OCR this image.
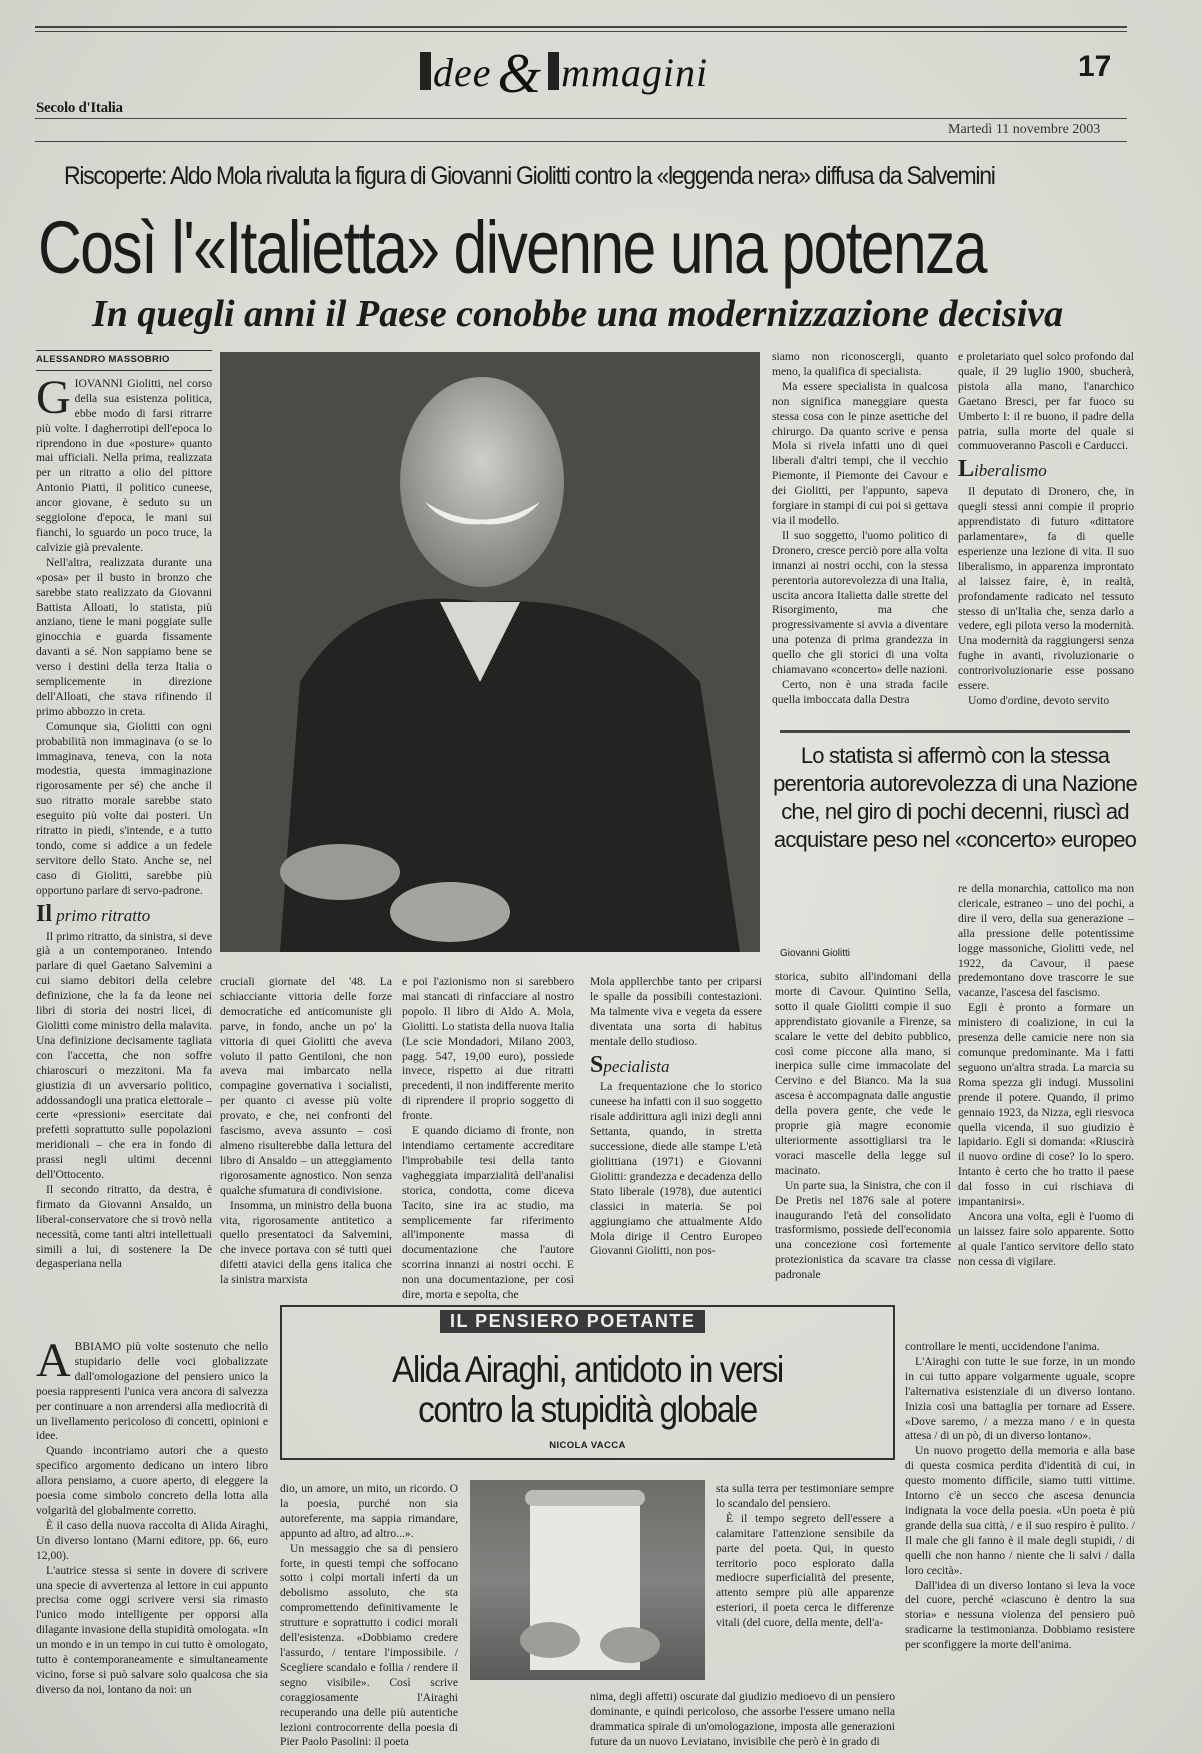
Secolo d'Italia
dee & mmagini	17
Martedì 11 novembre 2003
Riscoperte: Aldo Mola rivaluta la figura di Giovanni Giolitti contro la «leggenda nera» diffusa da Salvemini
Così l'«Italietta» divenne una potenza
In quegli anni il Paese conobbe una modernizzazione decisiva
ALESSANDRO MASSOBRIO

GIOVANNI Giolitti, nel corso della sua esistenza politica, ebbe modo di farsi ritrarre più volte. I dagherrotipi dell'epoca lo riprendono in due «posture» quanto mai ufficiali. Nella prima, realizzata per un ritratto a olio del pittore Antonio Piatti, il politico cuneese, ancor giovane, è seduto su un seggiolone d'epoca, le mani sui fianchi, lo sguardo un poco truce, la calvizie già prevalente.

Nell'altra, realizzata durante una «posa» per il busto in bronzo che sarebbe stato realizzato da Giovanni Battista Alloati, lo statista, più anziano, tiene le mani poggiate sulle ginocchia e guarda fissamente davanti a sé. Non sappiamo bene se verso i destini della terza Italia o semplicemente in direzione dell'Alloati, che stava rifinendo il primo abbozzo in creta.

Comunque sia, Giolitti con ogni probabilità non immaginava (o se lo immaginava, teneva, con la nota modestia, questa immaginazione rigorosamente per sé) che anche il suo ritratto morale sarebbe stato eseguito più volte dai posteri. Un ritratto in piedi, s'intende, e a tutto tondo, come si addice a un fedele servitore dello Stato. Anche se, nel caso di Giolitti, sarebbe più opportuno parlare di servo-padrone.

Il primo ritratto

Il primo ritratto, da sinistra, si deve già a un contemporaneo. Intendo parlare di quel Gaetano Salvemini a cui siamo debitori della celebre definizione, che la fa da leone nei libri di storia dei nostri licei, di Giolitti come ministro della malavita. Una definizione decisamente tagliata con l'accetta, che non soffre chiaroscuri o mezzitoni. Ma fa giustizia di un avversario politico, addossandogli una pratica elettorale – certe «pressioni» esercitate dai prefetti soprattutto sulle popolazioni meridionali – che era in fondo di prassi negli ultimi decenni dell'Ottocento.

Il secondo ritratto, da destra, è firmato da Giovanni Ansaldo, un liberal-conservatore che si trovò nella necessità, come tanti altri intellettuali simili a lui, di sostenere la De degasperiana nella

siamo non riconoscergli, quanto meno, la qualifica di specialista.

Ma essere specialista in qualcosa non significa maneggiare questa stessa cosa con le pinze asettiche del chirurgo. Da quanto scrive e pensa Mola si rivela infatti uno di quei liberali d'altri tempi, che il vecchio Piemonte, il Piemonte dei Cavour e dei Giolitti, per l'appunto, sapeva forgiare in stampi di cui poi si gettava via il modello.

Il suo soggetto, l'uomo politico di Dronero, cresce perciò pore alla volta innanzi ai nostri occhi, con la stessa perentoria autorevolezza di una Italia, uscita ancora Italietta dalle strette del Risorgimento, ma che progressivamente si avvia a diventare una potenza di prima grandezza in quello che gli storici di una volta chiamavano «concerto» delle nazioni.

Certo, non è una strada facile quella imboccata dalla Destra

e proletariato quel solco profondo dal quale, il 29 luglio 1900, sbucherà, pistola alla mano, l'anarchico Gaetano Bresci, per far fuoco su Umberto I: il re buono, il padre della patria, sulla morte del quale si commuoveranno Pascoli e Carducci.

Liberalismo

Il deputato di Dronero, che, in quegli stessi anni compie il proprio apprendistato di futuro «dittatore parlamentare», fa di quelle esperienze una lezione di vita. Il suo liberalismo, in apparenza improntato al laissez faire, è, in realtà, profondamente radicato nel tessuto stesso di un'Italia che, senza darlo a vedere, egli pilota verso la modernità. Una modernità da raggiungersi senza fughe in avanti, rivoluzionarie o controrivoluzionarie esse possano essere.

Uomo d'ordine, devoto servito

Lo statista si affermò con la stessa perentoria autorevolezza di una Nazione che, nel giro di pochi decenni, riuscì ad acquistare peso nel «concerto» europeo
Giovanni Giolitti

cruciali giornate del '48. La schiacciante vittoria delle forze democratiche ed anticomuniste gli parve, in fondo, anche un po' la vittoria di quei Giolitti che aveva voluto il patto Gentiloni, che non aveva mai imbarcato nella compagine governativa i socialisti, per quanto ci avesse più volte provato, e che, nei confronti del fascismo, aveva assunto – così almeno risulterebbe dalla lettura del libro di Ansaldo – un atteggiamento rigorosamente agnostico. Non senza qualche sfumatura di condivisione.

Insomma, un ministro della buona vita, rigorosamente antitetico a quello presentatoci da Salvemini, che invece portava con sé tutti quei difetti atavici della gens italica che la sinistra marxista

e poi l'azionismo non si sarebbero mai stancati di rinfacciare al nostro popolo. Il libro di Aldo A. Mola, Giolitti. Lo statista della nuova Italia (Le scie Mondadori, Milano 2003, pagg. 547, 19,00 euro), possiede invece, rispetto ai due ritratti precedenti, il non indifferente merito di riprendere il proprio soggetto di fronte.

E quando diciamo di fronte, non intendiamo certamente accreditare l'improbabile tesi della tanto vagheggiata imparzialità dell'analisi storica, condotta, come diceva Tacito, sine ira ac studio, ma semplicemente far riferimento all'imponente massa di documentazione che l'autore scorrina innanzi ai nostri occhi. E non una documentazione, per così dire, morta e sepolta, che

Mola appllerchbe tanto per criparsi le spalle da possibili contestazioni. Ma talmente viva e vegeta da essere diventata una sorta di habitus mentale dello studioso.

Specialista

La frequentazione che lo storico cuneese ha infatti con il suo soggetto risale addirittura agli inizi degli anni Settanta, quando, in stretta successione, diede alle stampe L'età giolittiana (1971) e Giovanni Giolitti: grandezza e decadenza dello Stato liberale (1978), due autentici classici in materia. Se poi aggiungiamo che attualmente Aldo Mola dirige il Centro Europeo Giovanni Giolitti, non pos-

storica, subito all'indomani della morte di Cavour. Quintino Sella, sotto il quale Giolitti compie il suo apprendistato giovanile a Firenze, sa scalare le vette del debito pubblico, così come piccone alla mano, si inerpica sulle cime immacolate del Cervino e del Bianco. Ma la sua ascesa è accompagnata dalle angustie della povera gente, che vede le proprie già magre economie ulteriormente assottigliarsi tra le voraci mascelle della legge sul macinato.

Un parte sua, la Sinistra, che con il De Pretis nel 1876 sale al potere inaugurando l'età del consolidato trasformismo, possiede dell'economia una concezione così fortemente protezionistica da scavare tra classe padronale

re della monarchia, cattolico ma non clericale, estraneo – uno dei pochi, a dire il vero, della sua generazione – alla pressione delle potentissime logge massoniche, Giolitti vede, nel 1922, da Cavour, il paese predemontano dove trascorre le sue vacanze, l'ascesa del fascismo.

Egli è pronto a formare un ministero di coalizione, in cui la presenza delle camicie nere non sia comunque predominante. Ma i fatti seguono un'altra strada. La marcia su Roma spezza gli indugi. Mussolini prende il potere. Quando, il primo gennaio 1923, da Nizza, egli riesvoca quella vicenda, il suo giudizio è lapidario. Egli si domanda: «Riuscirà il nuovo ordine di cose? Io lo spero. Intanto è certo che ho tratto il paese dal fosso in cui rischiava di impantanirsi».

Ancora una volta, egli è l'uomo di un laissez faire solo apparente. Sotto al quale l'antico servitore dello stato non cessa di vigilare.

IL PENSIERO POETANTE
Alida Airaghi, antidoto in versi
contro la stupidità globale
NICOLA VACCA

ABBIAMO più volte sostenuto che nello stupidario delle voci globalizzate dall'omologazione del pensiero unico la poesia rappresenti l'unica vera ancora di salvezza per continuare a non arrendersi alla mediocrità di un livellamento pericoloso di concetti, opinioni e idee.

Quando incontriamo autori che a questo specifico argomento dedicano un intero libro allora pensiamo, a cuore aperto, di eleggere la poesia come simbolo concreto della lotta alla volgarità del globalmente corretto.

È il caso della nuova raccolta di Alida Airaghi, Un diverso lontano (Marni editore, pp. 66, euro 12,00).

L'autrice stessa si sente in dovere di scrivere una specie di avvertenza al lettore in cui appunto precisa come oggi scrivere versi sia rimasto l'unico modo intelligente per opporsi alla dilagante invasione della stupidità omologata. «In un mondo e in un tempo in cui tutto è omologato, tutto è contemporaneamente e simultaneamente vicino, forse si può salvare solo qualcosa che sia diverso da noi, lontano da noi: un

dio, un amore, un mito, un ricordo. O la poesia, purché non sia autoreferente, ma sappia rimandare, appunto ad altro, ad altro...».

Un messaggio che sa di pensiero forte, in questi tempi che soffocano sotto i colpi mortali inferti da un debolismo assoluto, che sta compromettendo definitivamente le strutture e soprattutto i codici morali dell'esistenza. «Dobbiamo credere l'assurdo, / tentare l'impossibile. / Scegliere scandalo e follia / rendere il segno visibile». Così scrive coraggiosamente l'Airaghi recuperando una delle più autentiche lezioni controcorrente della poesia di Pier Paolo Pasolini: il poeta

sta sulla terra per testimoniare sempre lo scandalo del pensiero.

È il tempo segreto dell'essere a calamitare l'attenzione sensibile da parte del poeta. Qui, in questo territorio poco esplorato dalla mediocre superficialità del presente, attento sempre più alle apparenze esteriori, il poeta cerca le differenze vitali (del cuore, della mente, dell'a-

nima, degli affetti) oscurate dal giudizio medioevo di un pensiero dominante, e quindi pericoloso, che assorbe l'essere umano nella drammatica spirale di un'omologazione, imposta alle generazioni future da un nuovo Leviatano, invisibile che però è in grado di

controllare le menti, uccidendone l'anima.

L'Airaghi con tutte le sue forze, in un mondo in cui tutto appare volgarmente uguale, scopre l'alternativa esistenziale di un diverso lontano. Inizia così una battaglia per tornare ad Essere. «Dove saremo, / a mezza mano / e in questa attesa / di un pò, di un diverso lontano».

Un nuovo progetto della memoria e alla base di questa cosmica perdita d'identità di cui, in questo momento difficile, siamo tutti vittime. Intorno c'è un secco che ascesa denuncia indignata la voce della poesia. «Un poeta è più grande della sua città, / e il suo respiro è pulito. / Il male che gli fanno è il male degli stupidi, / di quelli che non hanno / niente che li salvi / dalla loro cecità».

Dall'idea di un diverso lontano si leva la voce del cuore, perché «ciascuno è dentro la sua storia» e nessuna violenza del pensiero può sradicarne la testimonianza. Dobbiamo resistere per sconfiggere la morte dell'anima.
